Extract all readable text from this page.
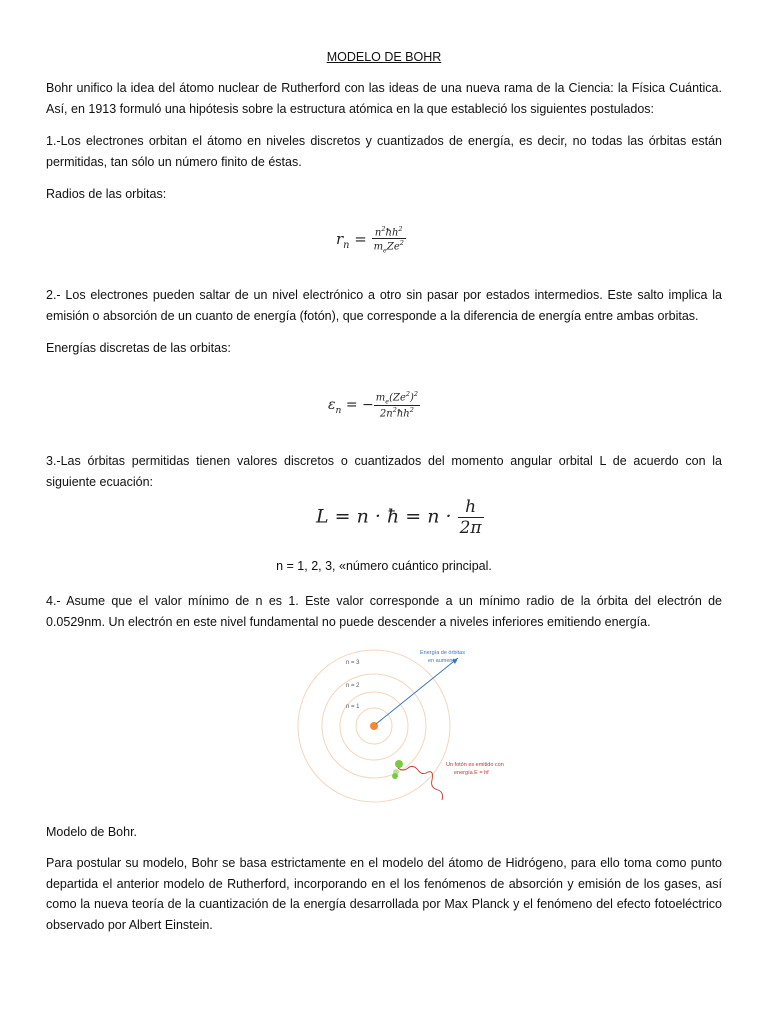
MODELO DE BOHR

Bohr unifico la idea del átomo nuclear de Rutherford con las ideas de una nueva rama de la Ciencia: la Física Cuántica. Así, en 1913 formuló una hipótesis sobre la estructura atómica en la que estableció los siguientes postulados:

1.-Los electrones orbitan el átomo en niveles discretos y cuantizados de energía, es decir, no todas las órbitas están permitidas, tan sólo un número finito de éstas.

Radios de las orbitas:

$r_n = \frac{n^2ħh^2}{m_eZe^2}$

2.- Los electrones pueden saltar de un nivel electrónico a otro sin pasar por estados intermedios. Este salto implica la emisión o absorción de un cuanto de energía (fotón), que corresponde a la diferencia de energía entre ambas orbitas.

Energías discretas de las orbitas:

$\varepsilon_n$ = − $\frac{m_e(Ze^2)^2}{2n^2ħh^2}$

3.-Las órbitas permitidas tienen valores discretos o cuantizados del momento angular orbital L de acuerdo con la siguiente ecuación:

L = n · ħ = $n \cdot \frac{h}{2\pi}$
n = 1, 2, 3, «número cuántico principal.

4.- Asume que el valor mínimo de n es 1. Este valor corresponde a un mínimo radio de la órbita del electrón de 0.0529nm. Un electrón en este nivel fundamental no puede descender a niveles inferiores emitiendo energía.

n = 3
n = 2
n = 1
Energía de órbitas
en aumento
Un fotón es emitido con
energía E = hf

Modelo de Bohr.

Para postular su modelo, Bohr se basa estrictamente en el modelo del átomo de Hidrógeno, para ello toma como punto departida el anterior modelo de Rutherford, incorporando en el los fenómenos de absorción y emisión de los gases, así como la nueva teoría de la cuantización de la energía desarrollada por Max Planck y el fenómeno del efecto fotoeléctrico observado por Albert Einstein.
